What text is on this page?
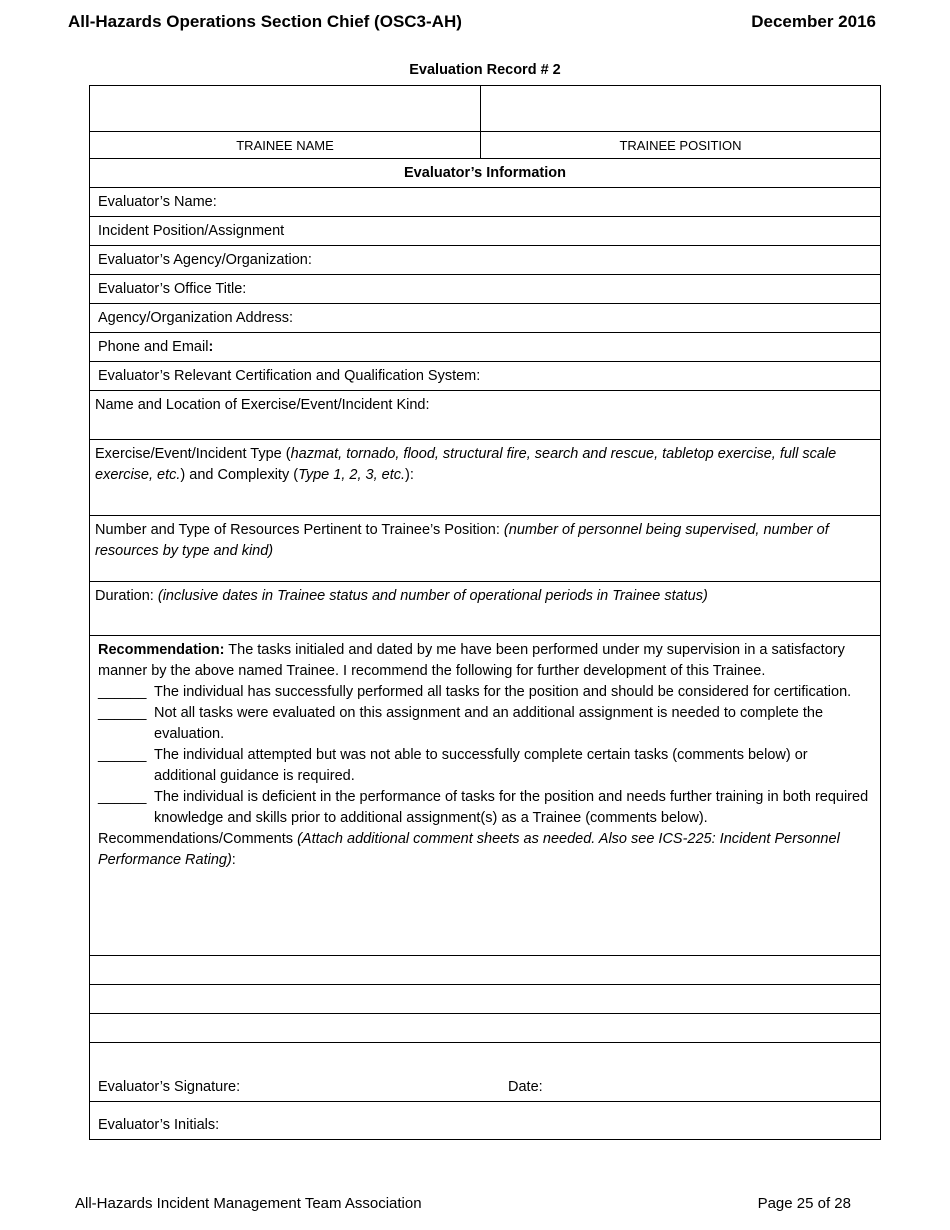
All-Hazards Operations Section Chief (OSC3-AH)	December 2016
Evaluation Record # 2
TRAINEE NAME	TRAINEE POSITION
Evaluator’s Information
Evaluator’s Name:
Incident Position/Assignment
Evaluator’s Agency/Organization:
Evaluator’s Office Title:
Agency/Organization Address:
Phone and Email :
Evaluator’s Relevant Certification and Qualification System:
Name and Location of Exercise/Event/Incident Kind:
Exercise/Event/Incident Type (hazmat, tornado, flood, structural fire, search and rescue, tabletop exercise, full scale exercise, etc.) and Complexity (Type 1, 2, 3, etc.):
Number and Type of Resources Pertinent to Trainee’s Position: (number of personnel being supervised, number of resources by type and kind)
Duration: (inclusive dates in Trainee status and number of operational periods in Trainee status)
Recommendation: The tasks initialed and dated by me have been performed under my supervision in a satisfactory manner by the above named Trainee. I recommend the following for further development of this Trainee.
______ The individual has successfully performed all tasks for the position and should be considered for certification.
______ Not all tasks were evaluated on this assignment and an additional assignment is needed to complete the evaluation.
______ The individual attempted but was not able to successfully complete certain tasks (comments below) or additional guidance is required.
______ The individual is deficient in the performance of tasks for the position and needs further training in both required knowledge and skills prior to additional assignment(s) as a Trainee (comments below).
Recommendations/Comments (Attach additional comment sheets as needed. Also see ICS-225: Incident Personnel Performance Rating):
Evaluator’s Signature:	Date:
Evaluator’s Initials:
All-Hazards Incident Management Team Association	Page 25 of 28
